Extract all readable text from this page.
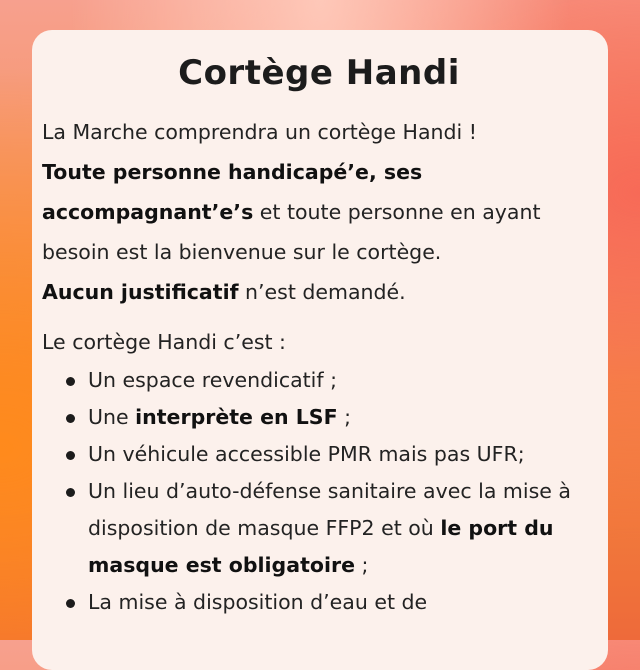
Cortège Handi

La Marche comprendra un cortège Handi !
Toute personne handicapé’e, ses accompagnant’e’s et toute personne en ayant besoin est la bienvenue sur le cortège.
Aucun justificatif n’est demandé.

Le cortège Handi c’est :

Un espace revendicatif ;
Une interprète en LSF ;
Un véhicule accessible PMR mais pas UFR;
Un lieu d’auto-défense sanitaire avec la mise à disposition de masque FFP2 et où le port du masque est obligatoire ;
La mise à disposition d’eau et de
